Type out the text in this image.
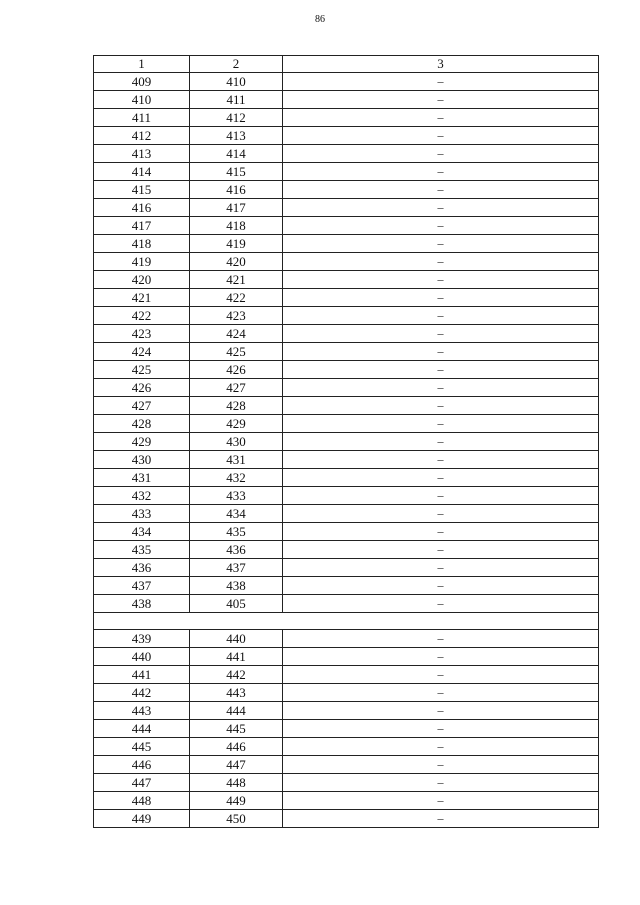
86
1	2	3
409	410	–
410	411	–
411	412	–
412	413	–
413	414	–
414	415	–
415	416	–
416	417	–
417	418	–
418	419	–
419	420	–
420	421	–
421	422	–
422	423	–
423	424	–
424	425	–
425	426	–
426	427	–
427	428	–
428	429	–
429	430	–
430	431	–
431	432	–
432	433	–
433	434	–
434	435	–
435	436	–
436	437	–
437	438	–
438	405	–

439	440	–
440	441	–
441	442	–
442	443	–
443	444	–
444	445	–
445	446	–
446	447	–
447	448	–
448	449	–
449	450	–
